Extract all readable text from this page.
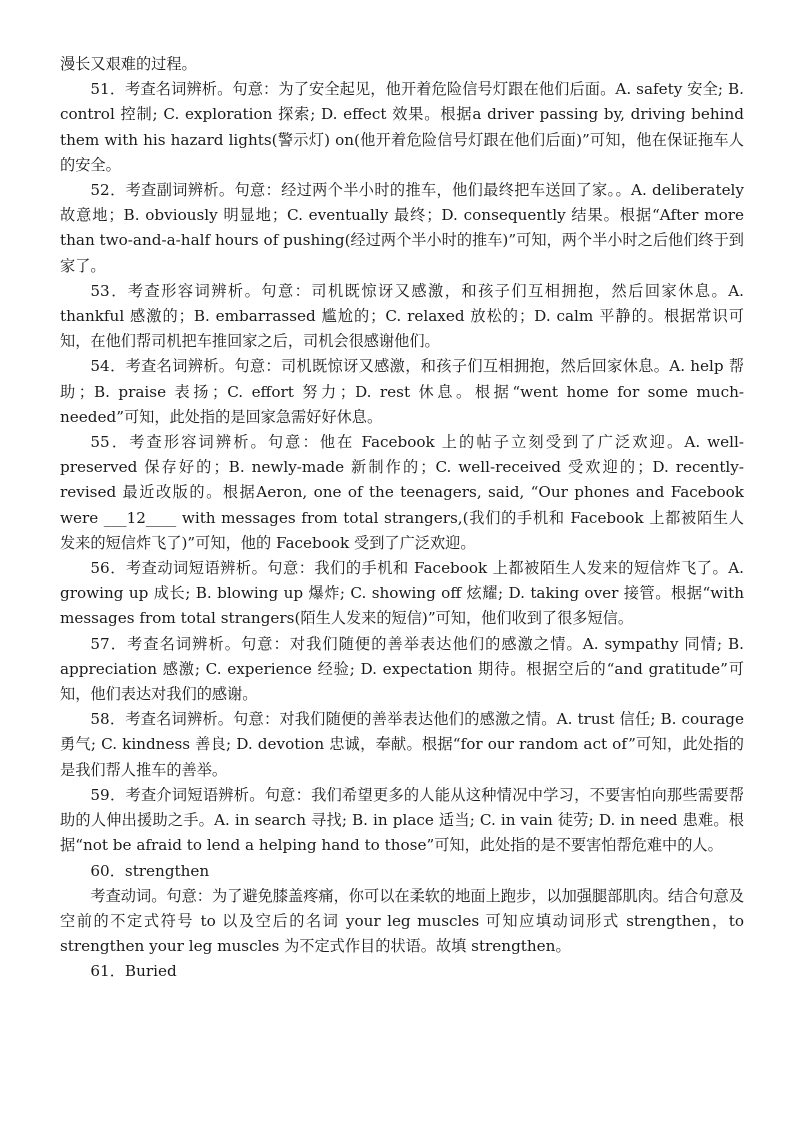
漫长又艰难的过程。

51．考查名词辨析。句意：为了安全起见，他开着危险信号灯跟在他们后面。A. safety 安全; B. control 控制; C. exploration 探索; D. effect 效果。根据a driver passing by, driving behind them with his hazard lights(警示灯) on(他开着危险信号灯跟在他们后面)”可知，他在保证拖车人的安全。

52．考查副词辨析。句意：经过两个半小时的推车，他们最终把车送回了家。。A. deliberately 故意地；B. obviously 明显地；C. eventually 最终；D. consequently 结果。根据“After more than two-and-a-half hours of pushing(经过两个半小时的推车)”可知，两个半小时之后他们终于到家了。

53．考查形容词辨析。句意：司机既惊讶又感激，和孩子们互相拥抱，然后回家休息。A. thankful 感激的；B. embarrassed 尴尬的；C. relaxed 放松的；D. calm 平静的。根据常识可知，在他们帮司机把车推回家之后，司机会很感谢他们。

54．考查名词辨析。句意：司机既惊讶又感激，和孩子们互相拥抱，然后回家休息。A. help 帮助；B. praise 表扬；C. effort 努力；D. rest 休息。根据“went home for some much-needed”可知，此处指的是回家急需好好休息。

55．考查形容词辨析。句意：他在 Facebook 上的帖子立刻受到了广泛欢迎。A. well-preserved 保存好的；B. newly-made 新制作的；C. well-received 受欢迎的；D. recently-revised 最近改版的。根据Aeron, one of the teenagers, said, “Our phones and Facebook were ___12____ with messages from total strangers,(我们的手机和 Facebook 上都被陌生人发来的短信炸飞了)”可知，他的 Facebook 受到了广泛欢迎。

56．考查动词短语辨析。句意：我们的手机和 Facebook 上都被陌生人发来的短信炸飞了。A. growing up 成长; B. blowing up 爆炸; C. showing off 炫耀; D. taking over 接管。根据“with messages from total strangers(陌生人发来的短信)”可知，他们收到了很多短信。

57．考查名词辨析。句意：对我们随便的善举表达他们的感激之情。A. sympathy 同情; B. appreciation 感激; C. experience 经验; D. expectation 期待。根据空后的“and gratitude”可知，他们表达对我们的感谢。

58．考查名词辨析。句意：对我们随便的善举表达他们的感激之情。A. trust 信任; B. courage 勇气; C. kindness 善良; D. devotion 忠诚，奉献。根据“for our random act of”可知，此处指的是我们帮人推车的善举。

59．考查介词短语辨析。句意：我们希望更多的人能从这种情况中学习，不要害怕向那些需要帮助的人伸出援助之手。A. in search 寻找; B. in place 适当; C. in vain 徒劳; D. in need 患难。根据“not be afraid to lend a helping hand to those”可知，此处指的是不要害怕帮危难中的人。

60．strengthen

考查动词。句意：为了避免膝盖疼痛，你可以在柔软的地面上跑步，以加强腿部肌肉。结合句意及空前的不定式符号 to 以及空后的名词 your leg muscles 可知应填动词形式 strengthen，to strengthen your leg muscles 为不定式作目的状语。故填 strengthen。

61．Buried
